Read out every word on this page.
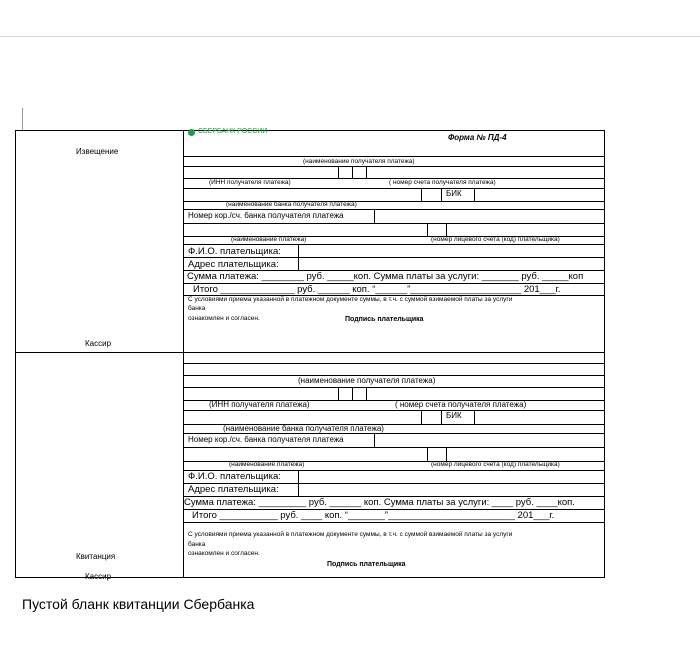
Извещение
Кассир
Квитанция
Кассир
СБЕРБАНК РОССИИ
Форма № ПД-4
(наименование получателя платежа)
(ИНН получателя платежа)	( номер счета получателя платежа)
БИК
(наименование банка получателя платежа)
Номер кор./сч. банка получателя платежа
(наименование платежа)	(номер лицевого счета (код) плательщика)
Ф.И.О. плательщика:
Адрес плательщика:
Сумма платежа: ________ руб. _____коп. Сумма платы за услуги: _______ руб. _____коп
Итого ______________ руб. ______ коп. “______”_____________________ 201___г.
С условиями приема указанной в платежном документе суммы, в т.ч. с суммой взимаемой платы за услуги
банка
ознакомлен и согласен.	Подпись плательщика
(наименование получателя платежа)
(ИНН получателя платежа)	( номер счета получателя платежа)
БИК
(наименование банка получателя платежа)
Номер кор./сч. банка получателя платежа
(наименование платежа)	(номер лицевого счета (код) плательщика)
Ф.И.О. плательщика:
Адрес плательщика:
Сумма платежа: _________ руб. ______ коп. Сумма платы за услуги: ____ руб. ____коп.
Итого ___________ руб. ____ коп. “_______”________________________ 201___г.
С условиями приема указанной в платежном документе суммы, в т.ч. с суммой взимаемой платы за услуги
банка
ознакомлен и согласен.
Подпись плательщика
Пустой бланк квитанции Сбербанка
